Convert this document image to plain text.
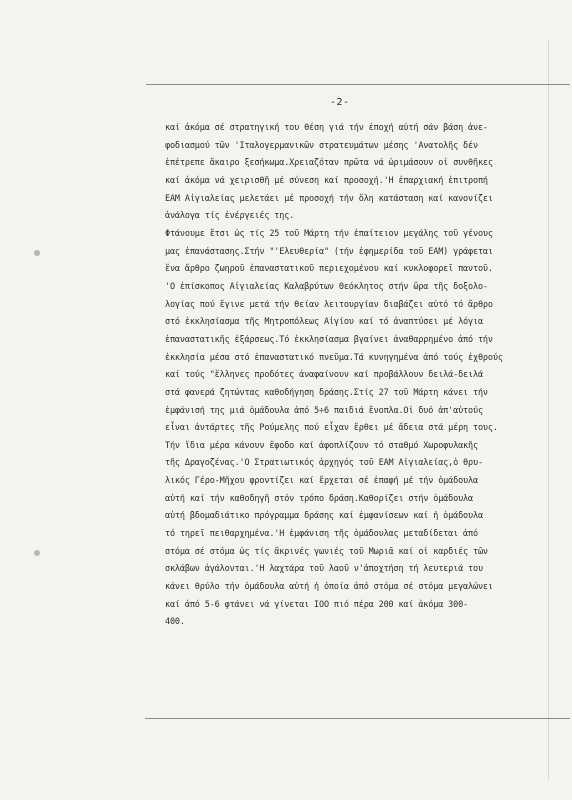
-2-
καί ἀκόμα σέ στρατηγική του θέση γιά τήν ἐποχή αὐτή σάν βάση ἀνε-
φοδιασμού τῶν 'Ιταλογερμανικῶν στρατευμάτων μέσης 'Ανατολῆς δέν
ἐπέτρεπε ἄκαιρο ξεσήκωμα.Χρειαζόταν πρῶτα νά ὡριμάσουν οἱ συνθῆκες
καί ἀκόμα νά χειρισθῆ μέ σύνεση καί προσοχή.'Η ἐπαρχιακή ἐπιτροπή
ΕΑΜ Αἰγιαλείας μελετάει μέ προσοχή τήν ὅλη κατάσταση καί κανονίζει
ἀνάλογα τίς ἐνέργειές της.
Φτάνουμε ἔτσι ὡς τίς 25 τοῦ Μάρτη τήν ἐπαίτειον μεγάλης τοῦ γένους
μας ἐπανάστασης.Στήν "'Ελευθερία" (τήν ἐφημερίδα τοῦ ΕΑΜ) γράφεται
ἕνα ἄρθρο ζωηροῦ ἐπαναστατικοῦ περιεχομένου καί κυκλοφορεῖ παντοῦ.
'Ο ἐπίσκοπος Αἰγιαλείας Καλαβρύτων Θεόκλητος στήν ὥρα τῆς δοξολο-
λογίας πού ἔγινε μετά τήν θείαν λειτουργίαν διαβάζει αὐτό τό ἄρθρο
στό ἐκκλησίασμα τῆς Μητροπόλεως Αἰγίου καί τό ἀναπτύσει μέ λόγια
ἐπαναστατικῆς ἐξάρσεως.Τό ἐκκλησίασμα βγαίνει ἀναθαρρημένο ἀπό τήν
ἐκκλησία μέσα στό ἐπαναστατικό πνεῦμα.Τά κυνηγημένα ἀπό τούς ἐχθρούς
καί τούς "ἕλληνες προδότες ἀναφαίνουν καί προβάλλουν δειλά-δειλά
στά φανερά ζητώντας καθοδήγηση δράσης.Στίς 27 τοῦ Μάρτη κάνει τήν
ἐμφάνισή της μιά ὁμάδουλα ἀπό 5÷6 παιδιά ἔνοπλα.Οἱ δυό ἀπ'αὐτούς
εἶναι ἀντάρτες τῆς Ρούμελης πού εἶχαν ἔρθει μέ ἄδεια στά μέρη τους.
Τήν ἴδια μέρα κάνουν ἔφοδο καί ἀφοπλίζουν τό σταθμό Χωροφυλακῆς
τῆς Δραγοζένας.'Ο Στρατιωτικός ἀρχηγός τοῦ ΕΑΜ Αἰγιαλείας,ὁ θρυ-
λικός Γέρο-Μῆχου φροντίζει καί ἔρχεται σέ ἐπαφή μέ τήν ὁμάδουλα
αὐτή καί τήν καθοδηγῆ στόν τρόπο δράση.Καθορίζει στήν ὁμάδουλα
αὐτή βδομαδιάτικο πρόγραμμα δράσης καί ἐμφανίσεων καί ἡ ὁμάδουλα
τό τηρεῖ πειθαρχημένα.'Η ἐμφάνιση τῆς ὁμάδουλας μεταδίδεται ἀπό
στόμα σέ στόμα ὡς τίς ἄκρινές γωνιές τοῦ Μωριᾶ καί οἱ καρδιές τῶν
σκλάβων ἀγάλονται.'Η λαχτάρα τοῦ λαοῦ ν'ἀποχτήση τή λευτεριά του
κάνει θρύλο τήν ὁμάδουλα αὐτή ἡ ὁποία ἀπό στόμα σέ στόμα μεγαλώνει
καί ἀπό 5-6 φτάνει νά γίνεται ΙΟΟ πιό πέρα 200 καί ἀκόμα 300-
400.
